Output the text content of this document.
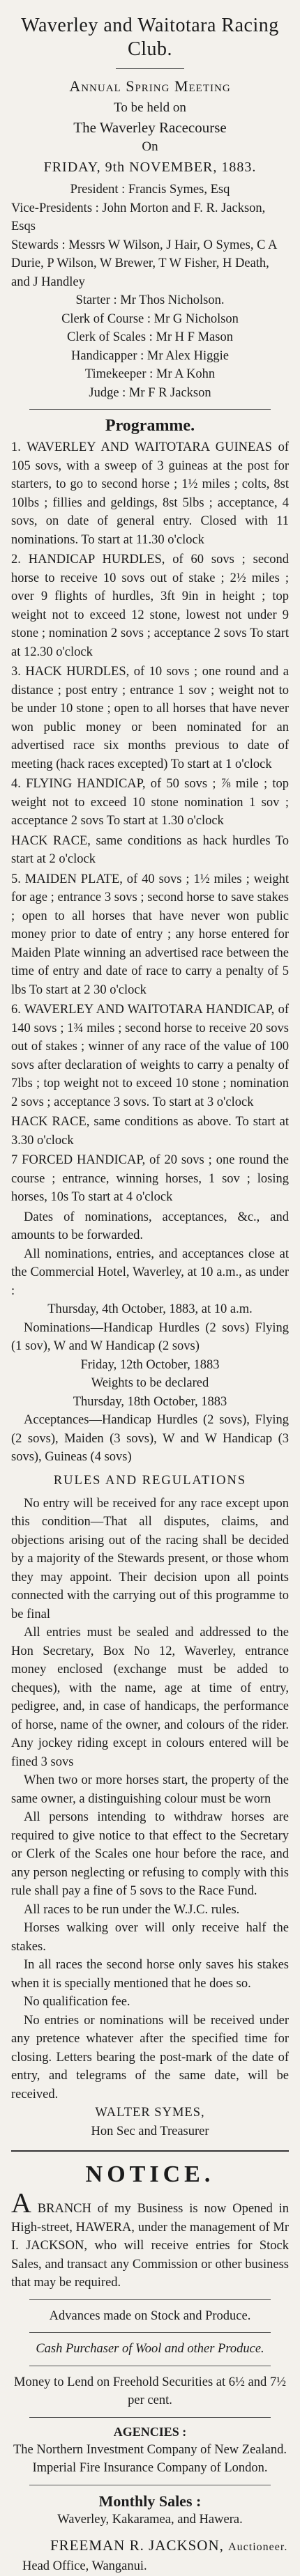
Waverley and Waitotara Racing Club.
Annual Spring Meeting
To be held on
The Waverley Racecourse
On
FRIDAY, 9th NOVEMBER, 1883.
President : Francis Symes, Esq
Vice-Presidents : John Morton and F. R. Jackson, Esqs
Stewards : Messrs W Wilson, J Hair, O Symes, C A Durie, P Wilson, W Brewer, T W Fisher, H Death, and J Handley
Starter : Mr Thos Nicholson.
Clerk of Course : Mr G Nicholson
Clerk of Scales : Mr H F Mason
Handicapper : Mr Alex Higgie
Timekeeper : Mr A Kohn
Judge : Mr F R Jackson
Programme.

1. WAVERLEY AND WAITOTARA GUINEAS of 105 sovs, with a sweep of 3 guineas at the post for starters, to go to second horse ; 1½ miles ; colts, 8st 10lbs ; fillies and geldings, 8st 5lbs ; acceptance, 4 sovs, on date of general entry. Closed with 11 nominations. To start at 11.30 o'clock

2. HANDICAP HURDLES, of 60 sovs ; second horse to receive 10 sovs out of stake ; 2½ miles ; over 9 flights of hurdles, 3ft 9in in height ; top weight not to exceed 12 stone, lowest not under 9 stone ; nomination 2 sovs ; acceptance 2 sovs To start at 12.30 o'clock

3. HACK HURDLES, of 10 sovs ; one round and a distance ; post entry ; entrance 1 sov ; weight not to be under 10 stone ; open to all horses that have never won public money or been nominated for an advertised race six months previous to date of meeting (hack races excepted) To start at 1 o'clock

4. FLYING HANDICAP, of 50 sovs ; ⅞ mile ; top weight not to exceed 10 stone nomination 1 sov ; acceptance 2 sovs To start at 1.30 o'clock

HACK RACE, same conditions as hack hurdles To start at 2 o'clock

5. MAIDEN PLATE, of 40 sovs ; 1½ miles ; weight for age ; entrance 3 sovs ; second horse to save stakes ; open to all horses that have never won public money prior to date of entry ; any horse entered for Maiden Plate winning an advertised race between the time of entry and date of race to carry a penalty of 5 lbs To start at 2 30 o'clock

6. WAVERLEY AND WAITOTARA HANDICAP, of 140 sovs ; 1¾ miles ; second horse to receive 20 sovs out of stakes ; winner of any race of the value of 100 sovs after declaration of weights to carry a penalty of 7lbs ; top weight not to exceed 10 stone ; nomination 2 sovs ; acceptance 3 sovs. To start at 3 o'clock

HACK RACE, same conditions as above. To start at 3.30 o'clock

7 FORCED HANDICAP, of 20 sovs ; one round the course ; entrance, winning horses, 1 sov ; losing horses, 10s To start at 4 o'clock

Dates of nominations, acceptances, &c., and amounts to be forwarded.

All nominations, entries, and acceptances close at the Commercial Hotel, Waverley, at 10 a.m., as under :

Thursday, 4th October, 1883, at 10 a.m.

Nominations—Handicap Hurdles (2 sovs) Flying (1 sov), W and W Handicap (2 sovs)

Friday, 12th October, 1883
Weights to be declared
Thursday, 18th October, 1883

Acceptances—Handicap Hurdles (2 sovs), Flying (2 sovs), Maiden (3 sovs), W and W Handicap (3 sovs), Guineas (4 sovs)

RULES AND REGULATIONS

No entry will be received for any race except upon this condition—That all disputes, claims, and objections arising out of the racing shall be decided by a majority of the Stewards present, or those whom they may appoint. Their decision upon all points connected with the carrying out of this programme to be final

All entries must be sealed and addressed to the Hon Secretary, Box No 12, Waverley, entrance money enclosed (exchange must be added to cheques), with the name, age at time of entry, pedigree, and, in case of handicaps, the performance of horse, name of the owner, and colours of the rider. Any jockey riding except in colours entered will be fined 3 sovs

When two or more horses start, the property of the same owner, a distinguishing colour must be worn

All persons intending to withdraw horses are required to give notice to that effect to the Secretary or Clerk of the Scales one hour before the race, and any person neglecting or refusing to comply with this rule shall pay a fine of 5 sovs to the Race Fund.

All races to be run under the W.J.C. rules.

Horses walking over will only receive half the stakes.

In all races the second horse only saves his stakes when it is specially mentioned that he does so.

No qualification fee.

No entries or nominations will be received under any pretence whatever after the specified time for closing. Letters bearing the post-mark of the date of entry, and telegrams of the same date, will be received.

WALTER SYMES,
Hon Sec and Treasurer
NOTICE.

A BRANCH of my Business is now Opened in High-street, HAWERA, under the management of Mr I. JACKSON, who will receive entries for Stock Sales, and transact any Commission or other business that may be required.

Advances made on Stock and Produce.
Cash Purchaser of Wool and other Produce.
Money to Lend on Freehold Securities at 6½ and 7½ per cent.
AGENCIES :
The Northern Investment Company of New Zealand.
Imperial Fire Insurance Company of London.
Monthly Sales :
Waverley, Kakaramea, and Hawera.
FREEMAN R. JACKSON, Auctioneer.
Head Office, Wanganui.
